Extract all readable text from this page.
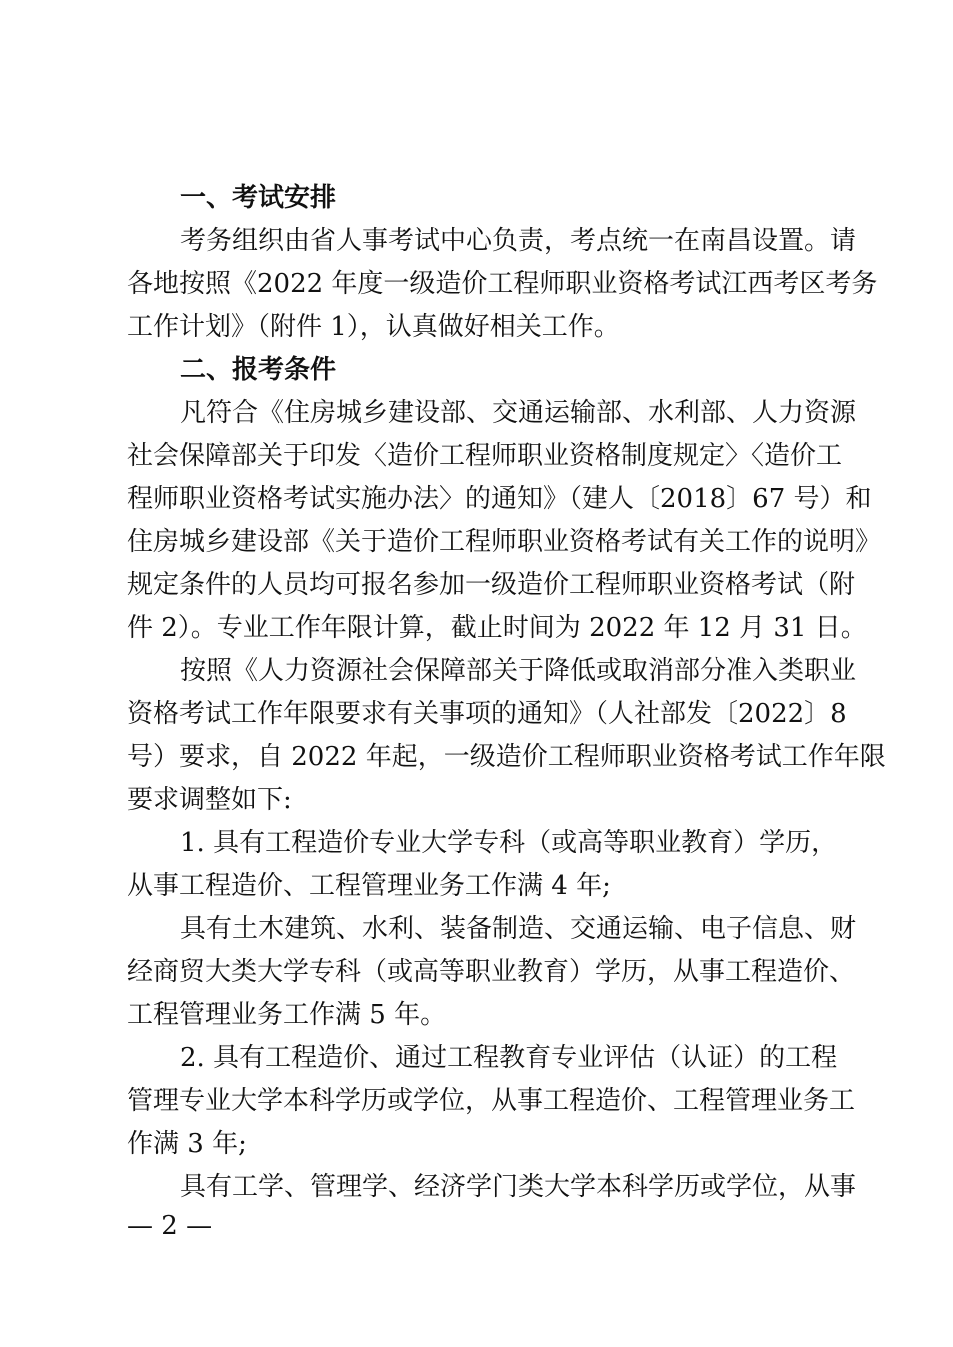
一、考试安排
考务组织由省人事考试中心负责，考点统一在南昌设置。请
各地按照《2022 年度一级造价工程师职业资格考试江西考区考务
工作计划》（附件 1），认真做好相关工作。
二、报考条件
凡符合《住房城乡建设部、交通运输部、水利部、人力资源
社会保障部关于印发〈造价工程师职业资格制度规定〉〈造价工
程师职业资格考试实施办法〉的通知》（建人〔2018〕67 号）和
住房城乡建设部《关于造价工程师职业资格考试有关工作的说明》
规定条件的人员均可报名参加一级造价工程师职业资格考试（附
件 2）。专业工作年限计算，截止时间为 2022 年 12 月 31 日。
按照《人力资源社会保障部关于降低或取消部分准入类职业
资格考试工作年限要求有关事项的通知》（人社部发〔2022〕8
号）要求，自 2022 年起，一级造价工程师职业资格考试工作年限
要求调整如下:
1. 具有工程造价专业大学专科（或高等职业教育）学历，
从事工程造价、工程管理业务工作满 4 年;
具有土木建筑、水利、装备制造、交通运输、电子信息、财
经商贸大类大学专科（或高等职业教育）学历，从事工程造价、
工程管理业务工作满 5 年。
2. 具有工程造价、通过工程教育专业评估（认证）的工程
管理专业大学本科学历或学位，从事工程造价、工程管理业务工
作满 3 年;
具有工学、管理学、经济学门类大学本科学历或学位，从事
— 2 —
